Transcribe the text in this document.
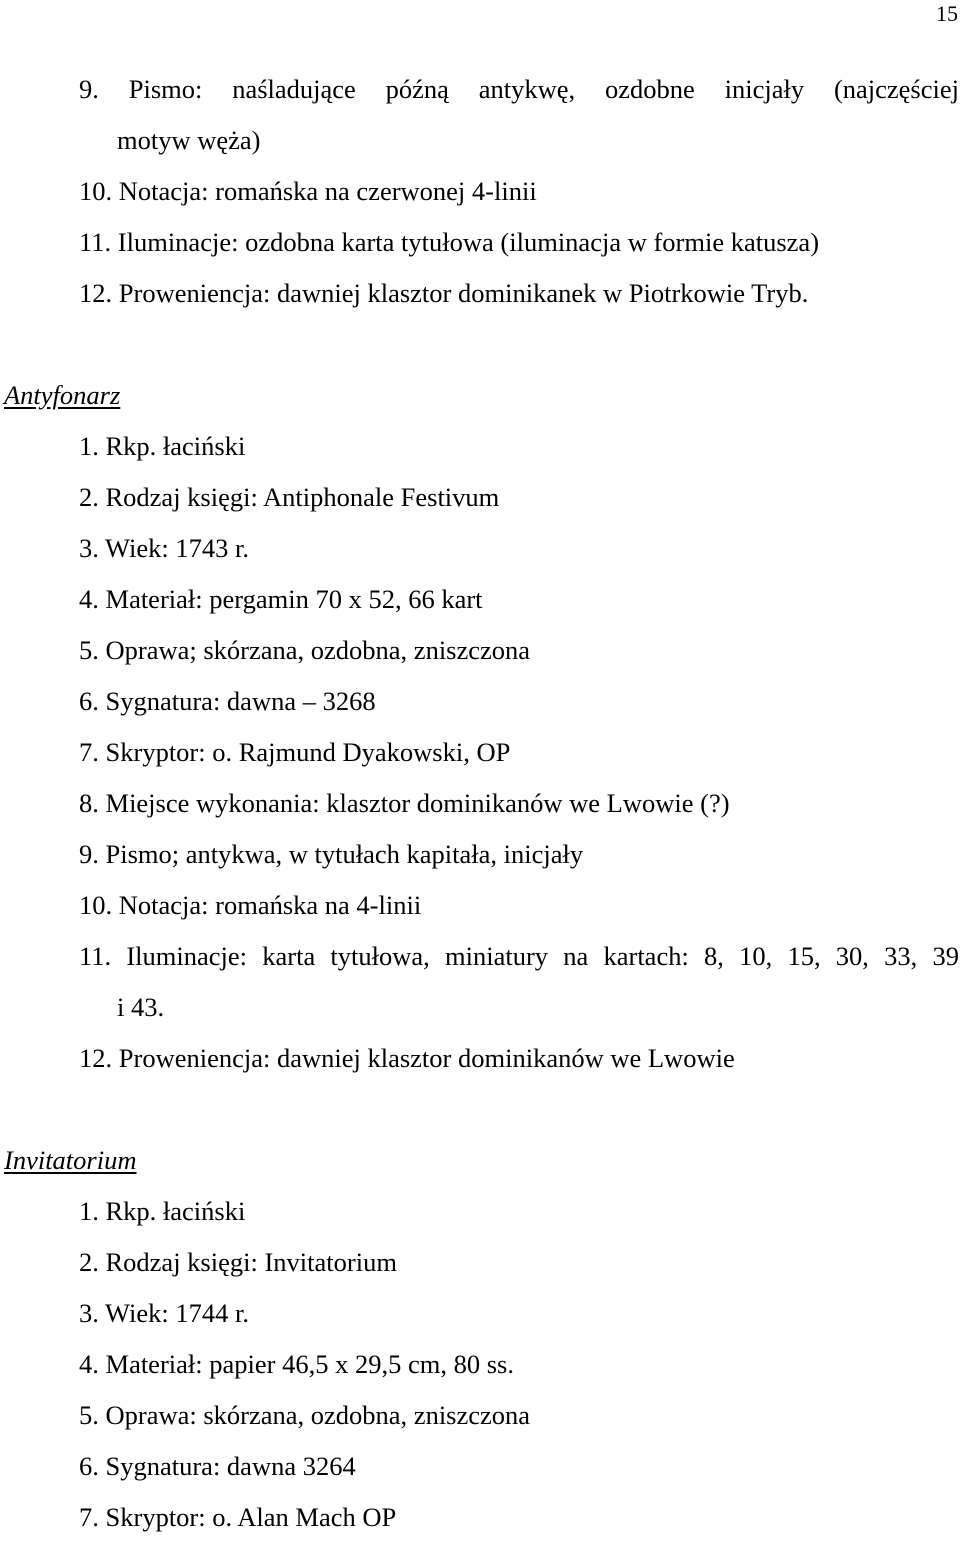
15
9. Pismo: naśladujące późną antykwę, ozdobne inicjały (najczęściej
motyw węża)
10. Notacja: romańska na czerwonej 4-linii
11. Iluminacje: ozdobna karta tytułowa (iluminacja w formie katusza)
12. Proweniencja: dawniej klasztor dominikanek w Piotrkowie Tryb.
Antyfonarz
1. Rkp. łaciński
2. Rodzaj księgi: Antiphonale Festivum
3. Wiek: 1743 r.
4. Materiał: pergamin 70 x 52, 66 kart
5. Oprawa; skórzana, ozdobna, zniszczona
6. Sygnatura: dawna – 3268
7. Skryptor: o. Rajmund Dyakowski, OP
8. Miejsce wykonania: klasztor dominikanów we Lwowie (?)
9. Pismo; antykwa, w tytułach kapitała, inicjały
10. Notacja: romańska na 4-linii
11. Iluminacje: karta tytułowa, miniatury na kartach: 8, 10, 15, 30, 33, 39
i 43.
12. Proweniencja: dawniej klasztor dominikanów we Lwowie
Invitatorium
1. Rkp. łaciński
2. Rodzaj księgi: Invitatorium
3. Wiek: 1744 r.
4. Materiał: papier 46,5 x 29,5 cm, 80 ss.
5. Oprawa: skórzana, ozdobna, zniszczona
6. Sygnatura: dawna 3264
7. Skryptor: o. Alan Mach OP
